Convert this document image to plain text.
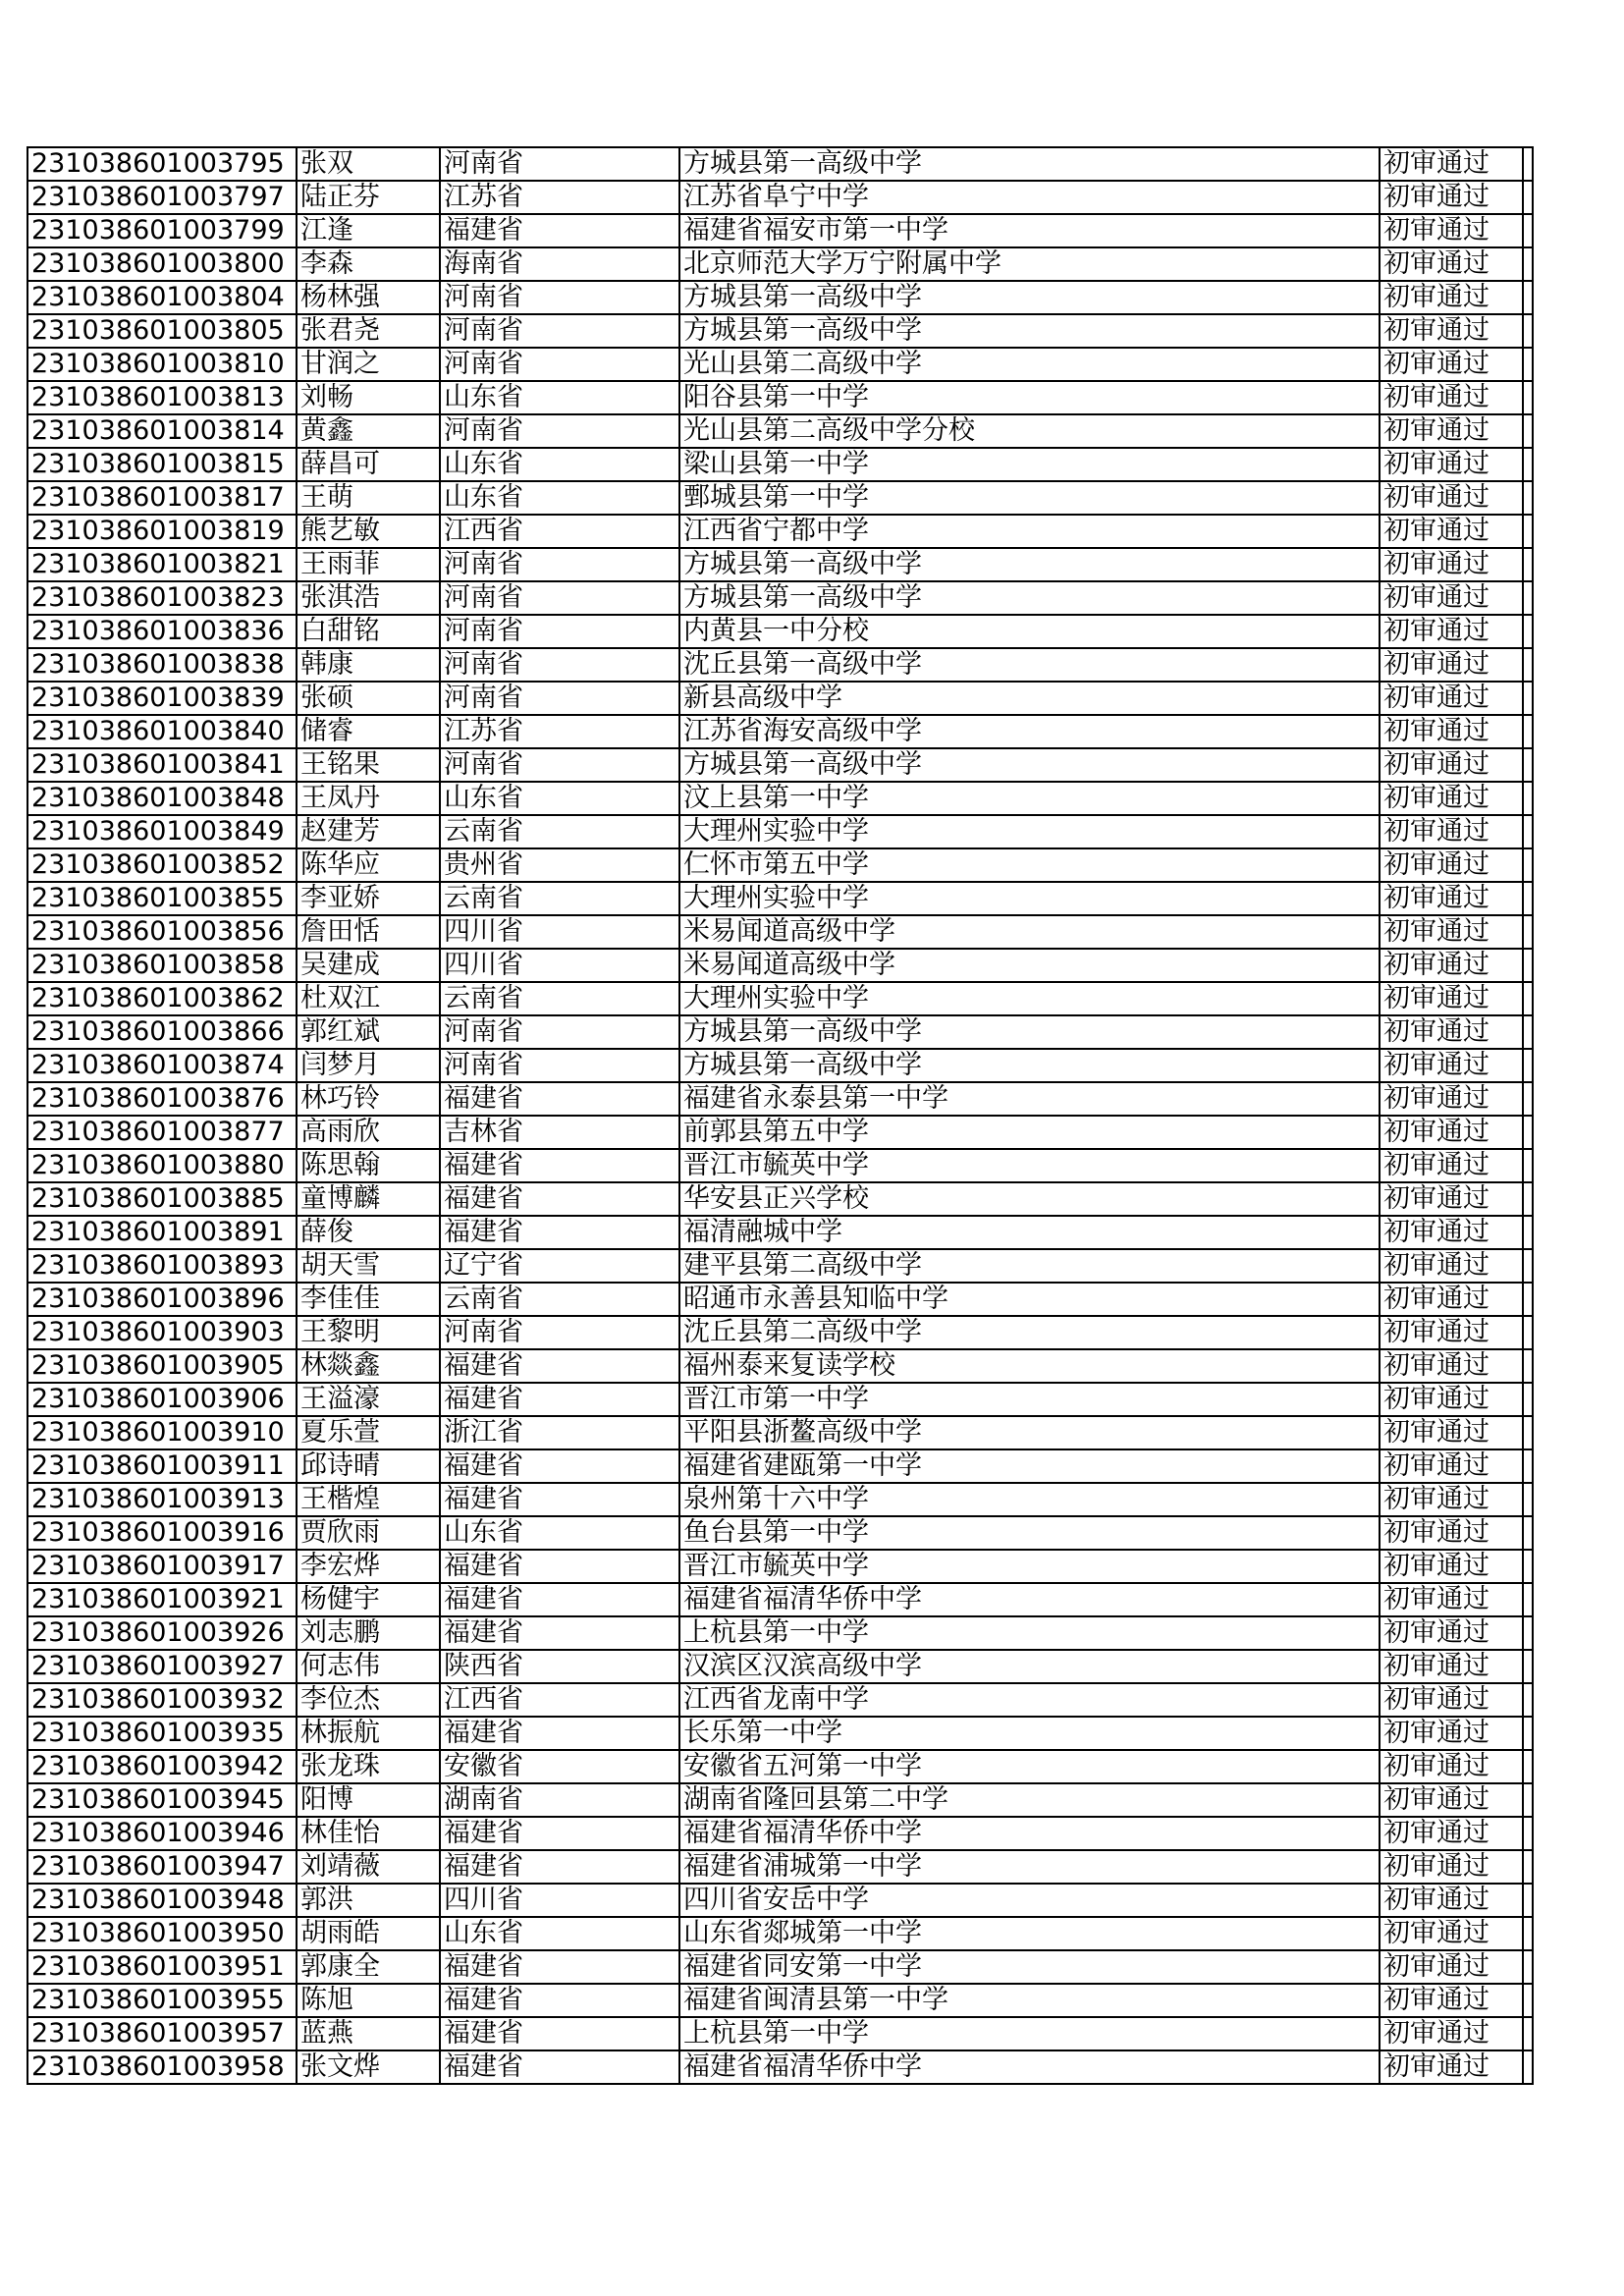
231038601003795	张双	河南省	方城县第一高级中学	初审通过	
231038601003797	陆正芬	江苏省	江苏省阜宁中学	初审通过	
231038601003799	江逢	福建省	福建省福安市第一中学	初审通过	
231038601003800	李森	海南省	北京师范大学万宁附属中学	初审通过	
231038601003804	杨林强	河南省	方城县第一高级中学	初审通过	
231038601003805	张君尧	河南省	方城县第一高级中学	初审通过	
231038601003810	甘润之	河南省	光山县第二高级中学	初审通过	
231038601003813	刘畅	山东省	阳谷县第一中学	初审通过	
231038601003814	黄鑫	河南省	光山县第二高级中学分校	初审通过	
231038601003815	薛昌可	山东省	梁山县第一中学	初审通过	
231038601003817	王萌	山东省	鄄城县第一中学	初审通过	
231038601003819	熊艺敏	江西省	江西省宁都中学	初审通过	
231038601003821	王雨菲	河南省	方城县第一高级中学	初审通过	
231038601003823	张淇浩	河南省	方城县第一高级中学	初审通过	
231038601003836	白甜铭	河南省	内黄县一中分校	初审通过	
231038601003838	韩康	河南省	沈丘县第一高级中学	初审通过	
231038601003839	张硕	河南省	新县高级中学	初审通过	
231038601003840	储睿	江苏省	江苏省海安高级中学	初审通过	
231038601003841	王铭果	河南省	方城县第一高级中学	初审通过	
231038601003848	王凤丹	山东省	汶上县第一中学	初审通过	
231038601003849	赵建芳	云南省	大理州实验中学	初审通过	
231038601003852	陈华应	贵州省	仁怀市第五中学	初审通过	
231038601003855	李亚娇	云南省	大理州实验中学	初审通过	
231038601003856	詹田恬	四川省	米易闻道高级中学	初审通过	
231038601003858	吴建成	四川省	米易闻道高级中学	初审通过	
231038601003862	杜双江	云南省	大理州实验中学	初审通过	
231038601003866	郭红斌	河南省	方城县第一高级中学	初审通过	
231038601003874	闫梦月	河南省	方城县第一高级中学	初审通过	
231038601003876	林巧铃	福建省	福建省永泰县第一中学	初审通过	
231038601003877	高雨欣	吉林省	前郭县第五中学	初审通过	
231038601003880	陈思翰	福建省	晋江市毓英中学	初审通过	
231038601003885	童博麟	福建省	华安县正兴学校	初审通过	
231038601003891	薛俊	福建省	福清融城中学	初审通过	
231038601003893	胡天雪	辽宁省	建平县第二高级中学	初审通过	
231038601003896	李佳佳	云南省	昭通市永善县知临中学	初审通过	
231038601003903	王黎明	河南省	沈丘县第二高级中学	初审通过	
231038601003905	林燚鑫	福建省	福州泰来复读学校	初审通过	
231038601003906	王溢濠	福建省	晋江市第一中学	初审通过	
231038601003910	夏乐萱	浙江省	平阳县浙鳌高级中学	初审通过	
231038601003911	邱诗晴	福建省	福建省建瓯第一中学	初审通过	
231038601003913	王楷煌	福建省	泉州第十六中学	初审通过	
231038601003916	贾欣雨	山东省	鱼台县第一中学	初审通过	
231038601003917	李宏烨	福建省	晋江市毓英中学	初审通过	
231038601003921	杨健宇	福建省	福建省福清华侨中学	初审通过	
231038601003926	刘志鹏	福建省	上杭县第一中学	初审通过	
231038601003927	何志伟	陕西省	汉滨区汉滨高级中学	初审通过	
231038601003932	李位杰	江西省	江西省龙南中学	初审通过	
231038601003935	林振航	福建省	长乐第一中学	初审通过	
231038601003942	张龙珠	安徽省	安徽省五河第一中学	初审通过	
231038601003945	阳博	湖南省	湖南省隆回县第二中学	初审通过	
231038601003946	林佳怡	福建省	福建省福清华侨中学	初审通过	
231038601003947	刘靖薇	福建省	福建省浦城第一中学	初审通过	
231038601003948	郭洪	四川省	四川省安岳中学	初审通过	
231038601003950	胡雨皓	山东省	山东省郯城第一中学	初审通过	
231038601003951	郭康全	福建省	福建省同安第一中学	初审通过	
231038601003955	陈旭	福建省	福建省闽清县第一中学	初审通过	
231038601003957	蓝燕	福建省	上杭县第一中学	初审通过	
231038601003958	张文烨	福建省	福建省福清华侨中学	初审通过	
